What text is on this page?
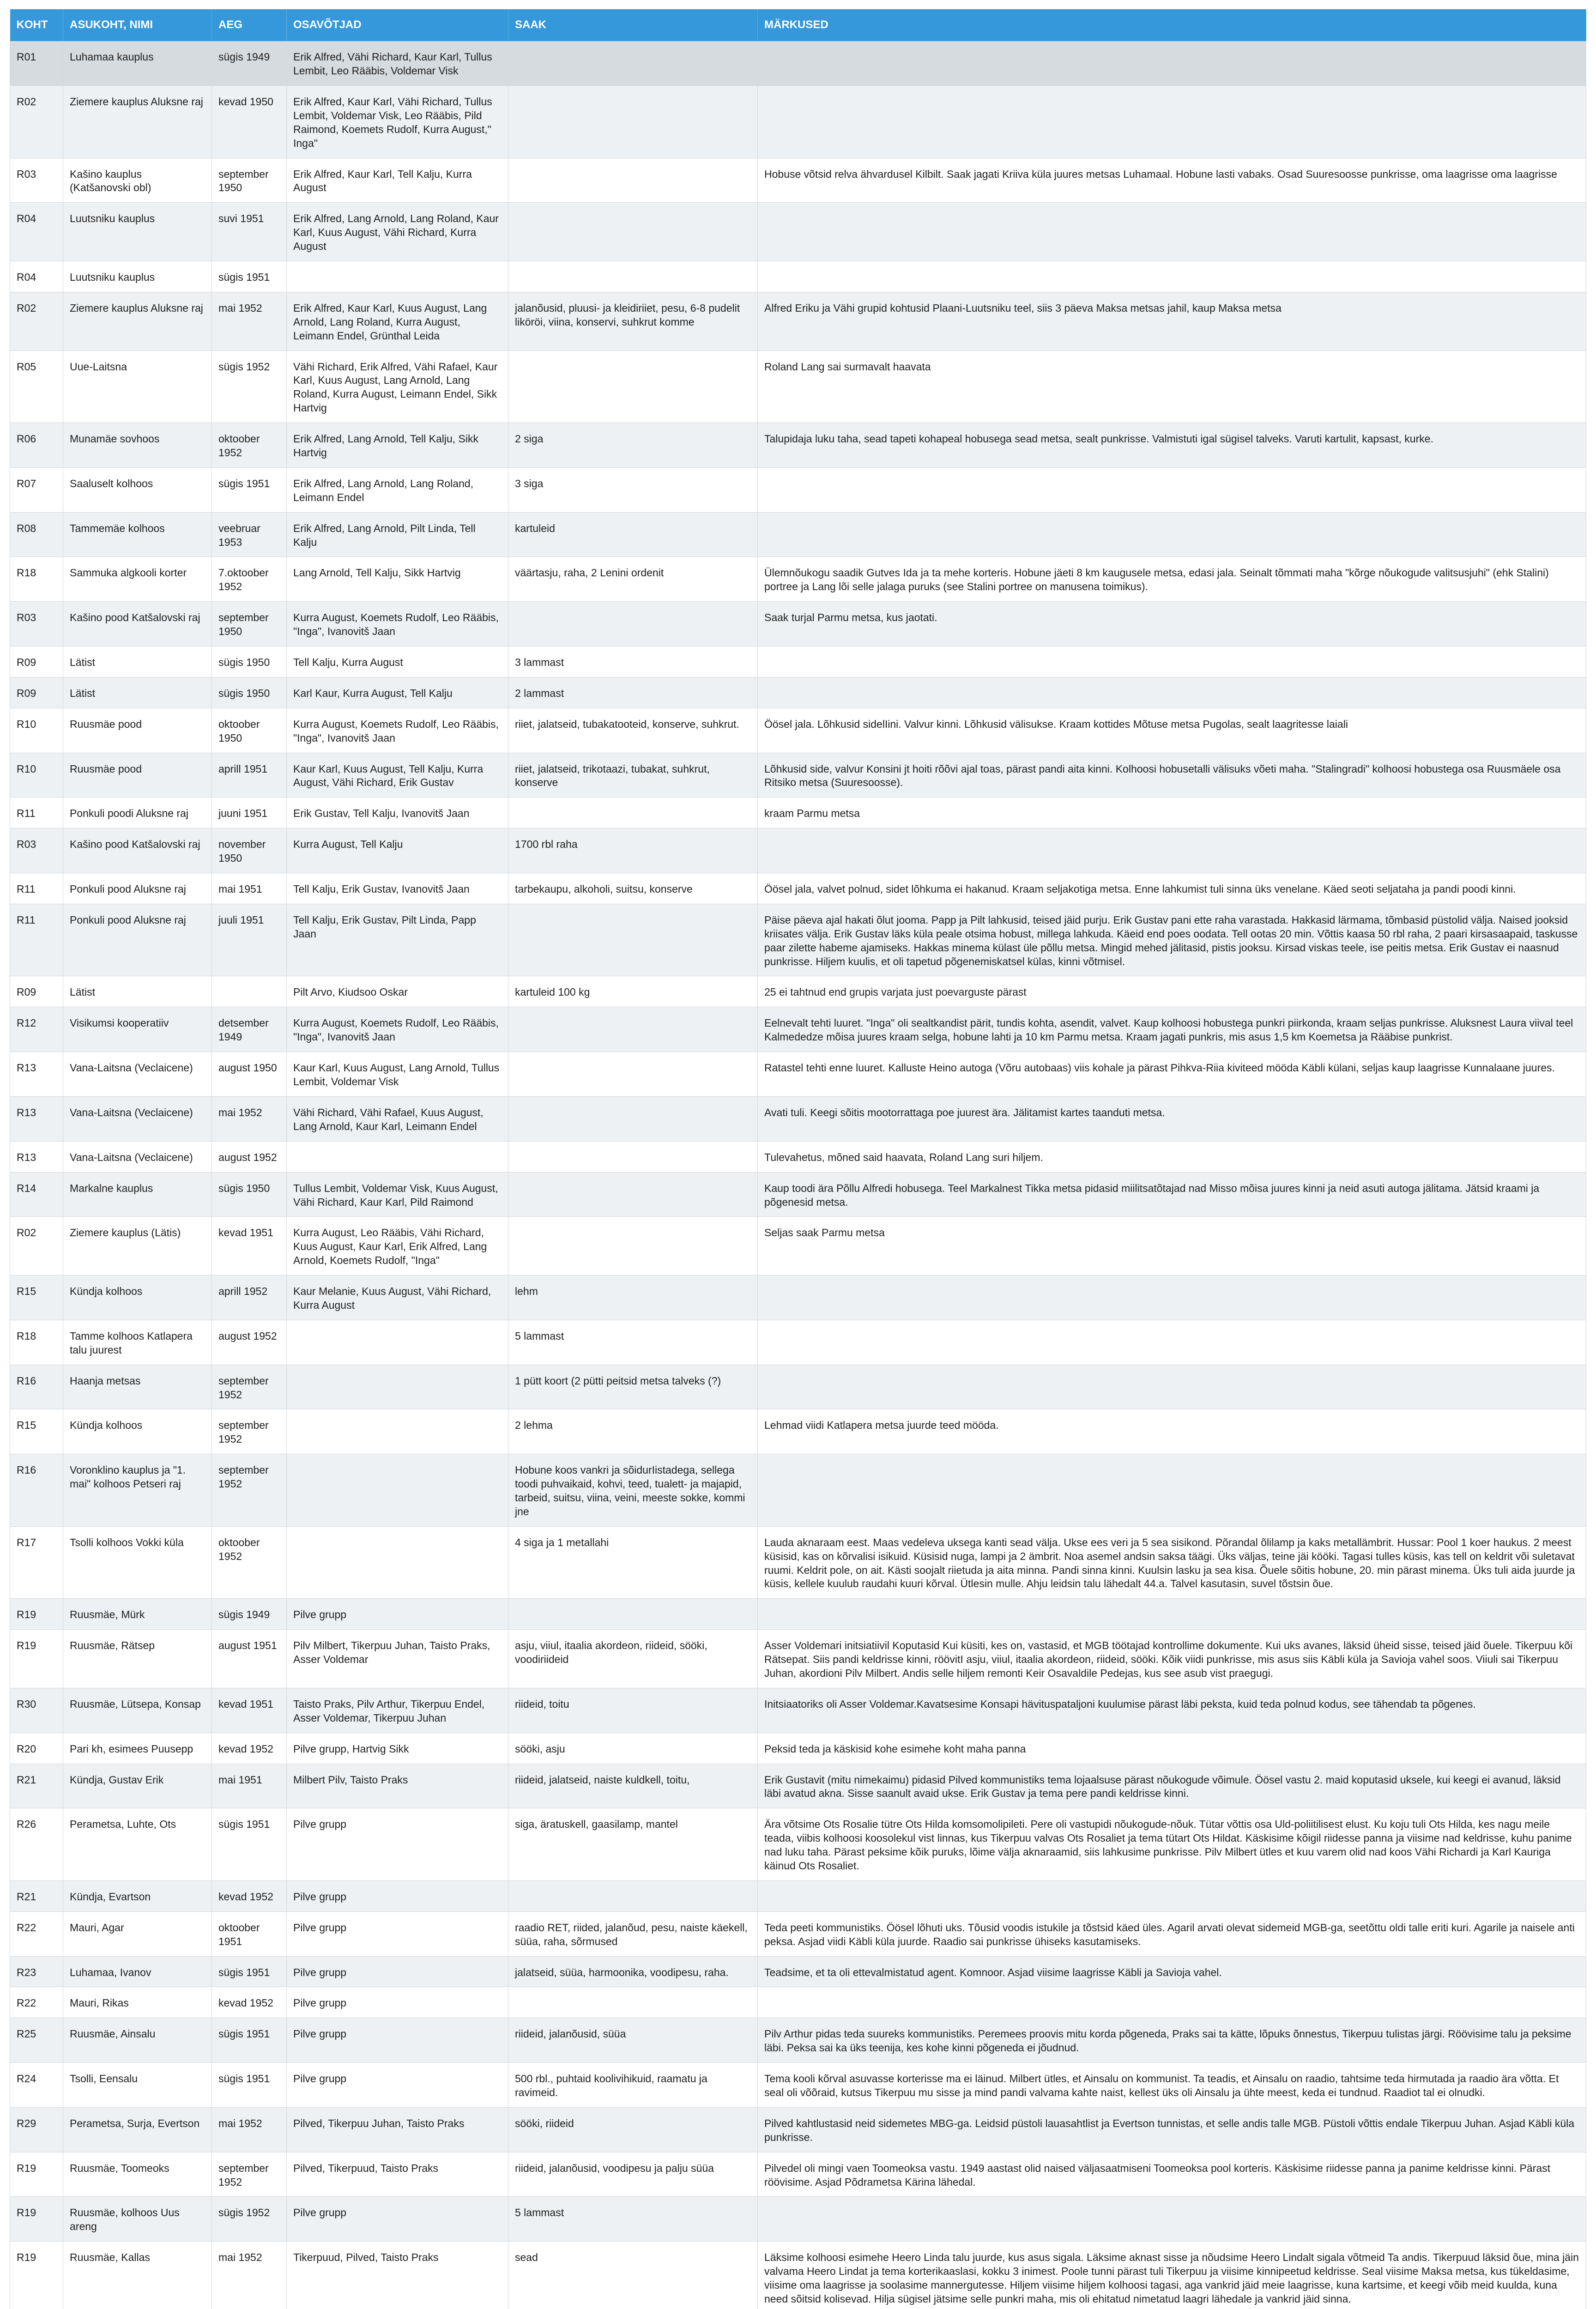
KOHT	ASUKOHT, NIMI	AEG	OSAVÕTJAD	SAAK	MÄRKUSED
R01	Luhamaa kauplus	sügis 1949	Erik Alfred, Vähi Richard, Kaur Karl, Tullus Lembit, Leo Rääbis, Voldemar Visk		
R02	Ziemere kauplus Aluksne raj	kevad 1950	Erik Alfred, Kaur Karl, Vähi Richard, Tullus Lembit, Voldemar Visk, Leo Rääbis, Pild Raimond, Koemets Rudolf, Kurra August," Inga"		
R03	Kašino kauplus (Katšanovski obl)	september 1950	Erik Alfred, Kaur Karl, Tell Kalju, Kurra August		Hobuse võtsid relva ähvardusel Kilbilt. Saak jagati Kriiva küla juures metsas Luhamaal. Hobune lasti vabaks. Osad Suuresoosse punkrisse, oma laagrisse oma laagrisse
R04	Luutsniku kauplus	suvi 1951	Erik Alfred, Lang Arnold, Lang Roland, Kaur Karl, Kuus August, Vähi Richard, Kurra August		
R04	Luutsniku kauplus	sügis 1951			
R02	Ziemere kauplus Aluksne raj	mai 1952	Erik Alfred, Kaur Karl, Kuus August, Lang Arnold, Lang Roland, Kurra August, Leimann Endel, Grünthal Leida	jalanõusid, pluusi- ja kleidiriiet, pesu, 6-8 pudelit liköröi, viina, konservi, suhkrut komme	Alfred Eriku ja Vähi grupid kohtusid Plaani-Luutsniku teel, siis 3 päeva Maksa metsas jahil, kaup Maksa metsa
R05	Uue-Laitsna	sügis 1952	Vähi Richard, Erik Alfred, Vähi Rafael, Kaur Karl, Kuus August, Lang Arnold, Lang Roland, Kurra August, Leimann Endel, Sikk Hartvig		Roland Lang sai surmavalt haavata
R06	Munamäe sovhoos	oktoober 1952	Erik Alfred, Lang Arnold, Tell Kalju, Sikk Hartvig	2 siga	Talupidaja luku taha, sead tapeti kohapeal hobusega sead metsa, sealt punkrisse. Valmistuti igal sügisel talveks. Varuti kartulit, kapsast, kurke.
R07	Saaluselt kolhoos	sügis 1951	Erik Alfred, Lang Arnold, Lang Roland, Leimann Endel	3 siga	
R08	Tammemäe kolhoos	veebruar 1953	Erik Alfred, Lang Arnold, Pilt Linda, Tell Kalju	kartuleid	
R18	Sammuka algkooli korter	7.oktoober 1952	Lang Arnold, Tell Kalju, Sikk Hartvig	väärtasju, raha, 2 Lenini ordenit	Ülemnõukogu saadik Gutves Ida ja ta mehe korteris. Hobune jäeti 8 km kaugusele metsa, edasi jala. Seinalt tõmmati maha "kõrge nõukogude valitsusjuhi" (ehk Stalini) portree ja Lang lõi selle jalaga puruks (see Stalini portree on manusena toimikus).
R03	Kašino pood Katšalovski raj	september 1950	Kurra August, Koemets Rudolf, Leo Rääbis, "Inga", Ivanovitš Jaan		Saak turjal Parmu metsa, kus jaotati.
R09	Lätist	sügis 1950	Tell Kalju, Kurra August	3 lammast	
R09	Lätist	sügis 1950	Karl Kaur, Kurra August, Tell Kalju	2 lammast	
R10	Ruusmäe pood	oktoober 1950	Kurra August, Koemets Rudolf, Leo Rääbis, "Inga", Ivanovitš Jaan	riiet, jalatseid, tubakatooteid, konserve, suhkrut.	Öösel jala. Lõhkusid sidelIini. Valvur kinni. Lõhkusid välisukse. Kraam kottides Mõtuse metsa Pugolas, sealt laagritesse laiali
R10	Ruusmäe pood	aprill 1951	Kaur Karl, Kuus August, Tell Kalju, Kurra August, Vähi Richard, Erik Gustav	riiet, jalatseid, trikotaazi, tubakat, suhkrut, konserve	Lõhkusid side, valvur Konsini jt hoiti rõõvi ajal toas, pärast pandi aita kinni. Kolhoosi hobusetalli välisuks võeti maha. "Stalingradi" kolhoosi hobustega osa Ruusmäele osa Ritsiko metsa (Suuresoosse).
R11	Ponkuli poodi Aluksne raj	juuni 1951	Erik Gustav, Tell Kalju, Ivanovitš Jaan		kraam Parmu metsa
R03	Kašino pood Katšalovski raj	november 1950	Kurra August, Tell Kalju	1700 rbl raha	
R11	Ponkuli pood Aluksne raj	mai 1951	Tell Kalju, Erik Gustav, Ivanovitš Jaan	tarbekaupu, alkoholi, suitsu, konserve	Öösel jala, valvet polnud, sidet lõhkuma ei hakanud. Kraam seljakotiga metsa. Enne lahkumist tuli sinna üks venelane. Käed seoti seljataha ja pandi poodi kinni.
R11	Ponkuli pood Aluksne raj	juuli 1951	Tell Kalju, Erik Gustav, Pilt Linda, Papp Jaan		Päise päeva ajal hakati õlut jooma. Papp ja Pilt lahkusid, teised jäid purju. Erik Gustav pani ette raha varastada. Hakkasid lärmama, tõmbasid püstolid välja. Naised jooksid kriisates välja. Erik Gustav läks küla peale otsima hobust, millega lahkuda. Käeid end poes oodata. Tell ootas 20 min. Võttis kaasa 50 rbl raha, 2 paari kirsasaapaid, taskusse paar zilette habeme ajamiseks. Hakkas minema külast üle põllu metsa. Mingid mehed jälitasid, pistis jooksu. Kirsad viskas teele, ise peitis metsa. Erik Gustav ei naasnud punkrisse. Hiljem kuulis, et oli tapetud põgenemiskatsel külas, kinni võtmisel.
R09	Lätist		Pilt Arvo, Kiudsoo Oskar	kartuleid 100 kg	25 ei tahtnud end grupis varjata just poevarguste pärast
R12	Visikumsi kooperatiiv	detsember 1949	Kurra August, Koemets Rudolf, Leo Rääbis, "Inga", Ivanovitš Jaan		Eelnevalt tehti luuret. "Inga" oli sealtkandist pärit, tundis kohta, asendit, valvet. Kaup kolhoosi hobustega punkri piirkonda, kraam seljas punkrisse. Aluksnest Laura viival teel Kalmededze mõisa juures kraam selga, hobune lahti ja 10 km Parmu metsa. Kraam jagati punkris, mis asus 1,5 km Koemetsa ja Rääbise punkrist.
R13	Vana-Laitsna (Veclaicene)	august 1950	Kaur Karl, Kuus August, Lang Arnold, Tullus Lembit, Voldemar Visk		Ratastel tehti enne luuret. Kalluste Heino autoga (Võru autobaas) viis kohale ja pärast Pihkva-Riia kiviteed mööda Käbli külani, seljas kaup laagrisse Kunnalaane juures.
R13	Vana-Laitsna (Veclaicene)	mai 1952	Vähi Richard, Vähi Rafael, Kuus August, Lang Arnold, Kaur Karl, Leimann Endel		Avati tuli. Keegi sõitis mootorrattaga poe juurest ära. Jälitamist kartes taanduti metsa.
R13	Vana-Laitsna (Veclaicene)	august 1952			Tulevahetus, mõned said haavata, Roland Lang suri hiljem.
R14	Markalne kauplus	sügis 1950	Tullus Lembit, Voldemar Visk, Kuus August, Vähi Richard, Kaur Karl, Pild Raimond		Kaup toodi ära Põllu Alfredi hobusega. Teel Markalnest Tikka metsa pidasid miilitsatõtajad nad Misso mõisa juures kinni ja neid asuti autoga jälitama. Jätsid kraami ja põgenesid metsa.
R02	Ziemere kauplus (Lätis)	kevad 1951	Kurra August, Leo Rääbis, Vähi Richard, Kuus August, Kaur Karl, Erik Alfred, Lang Arnold, Koemets Rudolf, "Inga"		Seljas saak Parmu metsa
R15	Kündja kolhoos	aprill 1952	Kaur Melanie, Kuus August, Vähi Richard, Kurra August	lehm	
R18	Tamme kolhoos Katlapera talu juurest	august 1952		5 lammast	
R16	Haanja metsas	september 1952		1 pütt koort (2 pütti peitsid metsa talveks (?)	
R15	Kündja kolhoos	september 1952		2 lehma	Lehmad viidi Katlapera metsa juurde teed mööda.
R16	Voronklino kauplus ja "1. mai" kolhoos Petseri raj	september 1952		Hobune koos vankri ja sõidurIistadega, sellega toodi puhvaikaid, kohvi, teed, tualett- ja majapid, tarbeid, suitsu, viina, veini, meeste sokke, kommi jne	
R17	Tsolli kolhoos Vokki küla	oktoober 1952		4 siga ja 1 metallahi	Lauda aknaraam eest. Maas vedeleva uksega kanti sead välja. Ukse ees veri ja 5 sea sisikond. Põrandal õlilamp ja kaks metallämbrit. Hussar: Pool 1 koer haukus. 2 meest küsisid, kas on kõrvalisi isikuid. Küsisid nuga, lampi ja 2 ämbrit. Noa asemel andsin saksa täägi. Üks väljas, teine jäi kööki. Tagasi tulles küsis, kas tell on keldrit või suletavat ruumi. Keldrit pole, on ait. Kästi soojalt riietuda ja aita minna. Pandi sinna kinni. Kuulsin lasku ja sea kisa. Õuele sõitis hobune, 20. min pärast minema. Üks tuli aida juurde ja küsis, kellele kuulub raudahi kuuri kõrval. Ütlesin mulle. Ahju leidsin talu lähedalt 44.a. Talvel kasutasin, suvel tõstsin õue.
R19	Ruusmäe, Mürk	sügis 1949	Pilve grupp		
R19	Ruusmäe, Rätsep	august 1951	Pilv Milbert, Tikerpuu Juhan, Taisto Praks, Asser Voldemar	asju, viiul, itaalia akordeon, riideid, sööki, voodiriideid	Asser Voldemari initsiatiivil Koputasid Kui küsiti, kes on, vastasid, et MGB töötajad kontrollime dokumente. Kui uks avanes, läksid üheid sisse, teised jäid õuele. Tikerpuu kõi Rätsepat. Siis pandi keldrisse kinni, röövitI asju, viiul, itaalia akordeon, riideid, sööki. Kõik viidi punkrisse, mis asus siis Käbli küla ja Savioja vahel soos. Viiuli sai Tikerpuu Juhan, akordioni Pilv Milbert. Andis selle hiljem remonti Keir Osavaldile Pedejas, kus see asub vist praegugi.
R30	Ruusmäe, Lütsepa, Konsap	kevad 1951	Taisto Praks, Pilv Arthur, Tikerpuu Endel, Asser Voldemar, Tikerpuu Juhan	riideid, toitu	Initsiaatoriks oli Asser Voldemar.Kavatsesime Konsapi hävituspataljoni kuulumise pärast läbi peksta, kuid teda polnud kodus, see tähendab ta põgenes.
R20	Pari kh, esimees Puusepp	kevad 1952	Pilve grupp, Hartvig Sikk	sööki, asju	Peksid teda ja käskisid kohe esimehe koht maha panna
R21	Kündja, Gustav Erik	mai 1951	Milbert Pilv, Taisto Praks	riideid, jalatseid, naiste kuldkell, toitu,	Erik Gustavit (mitu nimekaimu) pidasid Pilved kommunistiks tema lojaalsuse pärast nõukogude võimule. Öösel vastu 2. maid koputasid uksele, kui keegi ei avanud, läksid läbi avatud akna. Sisse saanult avaid ukse. Erik Gustav ja tema pere pandi keldrisse kinni.
R26	Perametsa, Luhte, Ots	sügis 1951	Pilve grupp	siga, äratuskell, gaasilamp, mantel	Ära võtsime Ots Rosalie tütre Ots Hilda komsomolipileti. Pere oli vastupidi nõukogude-nõuk. Tütar võttis osa Uld-poliitilisest elust. Ku koju tuli Ots Hilda, kes nagu meile teada, viibis kolhoosi koosolekul vist linnas, kus Tikerpuu valvas Ots Rosaliet ja tema tütart Ots Hildat. Käskisime kõigil riidesse panna ja viisime nad keldrisse, kuhu panime nad luku taha. Pärast peksime kõik puruks, lõime välja aknaraamid, siis lahkusime punkrisse. Pilv Milbert ütles et kuu varem olid nad koos Vähi Richardi ja Karl Kauriga käinud Ots Rosaliet.
R21	Kündja, Evartson	kevad 1952	Pilve grupp		
R22	Mauri, Agar	oktoober 1951	Pilve grupp	raadio RET, riided, jalanõud, pesu, naiste käekell, süüa, raha, sõrmused	Teda peeti kommunistiks. Öösel lõhuti uks. Tõusid voodis istukile ja tõstsid käed üles. Agaril arvati olevat sidemeid MGB-ga, seetõttu oldi talle eriti kuri. Agarile ja naisele anti peksa. Asjad viidi Käbli küla juurde. Raadio sai punkrisse ühiseks kasutamiseks.
R23	Luhamaa, Ivanov	sügis 1951	Pilve grupp	jalatseid, süüa, harmoonika, voodipesu, raha.	Teadsime, et ta oli ettevalmistatud agent. Komnoor. Asjad viisime laagrisse Käbli ja Savioja vahel.
R22	Mauri, Rikas	kevad 1952	Pilve grupp		
R25	Ruusmäe, Ainsalu	sügis 1951	Pilve grupp	riideid, jalanõusid, süüa	Pilv Arthur pidas teda suureks kommunistiks. Peremees proovis mitu korda põgeneda, Praks sai ta kätte, lõpuks õnnestus, Tikerpuu tulistas järgi. Röövisime talu ja peksime läbi. Peksa sai ka üks teenija, kes kohe kinni põgeneda ei jõudnud.
R24	Tsolli, Eensalu	sügis 1951	Pilve grupp	500 rbl., puhtaid koolivihikuid, raamatu ja ravimeid.	Tema kooli kõrval asuvasse korterisse ma ei läinud. Milbert ütles, et Ainsalu on kommunist. Ta teadis, et Ainsalu on raadio, tahtsime teda hirmutada ja raadio ära võtta. Et seal oli võõraid, kutsus Tikerpuu mu sisse ja mind pandi valvama kahte naist, kellest üks oli Ainsalu ja ühte meest, keda ei tundnud. Raadiot tal ei olnudki.
R29	Perametsa, Surja, Evertson	mai 1952	Pilved, Tikerpuu Juhan, Taisto Praks	sööki, riideid	Pilved kahtlustasid neid sidemetes MBG-ga. Leidsid püstoli lauasahtlist ja Evertson tunnistas, et selle andis talle MGB. Püstoli võttis endale Tikerpuu Juhan. Asjad Käbli küla punkrisse.
R19	Ruusmäe, Toomeoks	september 1952	Pilved, Tikerpuud, Taisto Praks	riideid, jalanõusid, voodipesu ja palju süüa	Pilvedel oli mingi vaen Toomeoksa vastu. 1949 aastast olid naised väljasaatmiseni Toomeoksa pool korteris. Käskisime riidesse panna ja panime keldrisse kinni. Pärast röövisime. Asjad Põdrametsa Kärina lähedal.
R19	Ruusmäe, kolhoos Uus areng	sügis 1952	Pilve grupp	5 lammast	
R19	Ruusmäe, Kallas	mai 1952	Tikerpuud, Pilved, Taisto Praks	sead	Läksime kolhoosi esimehe Heero Linda talu juurde, kus asus sigala. Läksime aknast sisse ja nõudsime Heero Lindalt sigala võtmeid Ta andis. Tikerpuud läksid õue, mina jäin valvama Heero Lindat ja tema korterikaaslasi, kokku 3 inimest. Poole tunni pärast tuli Tikerpuu ja viisime kinnipeetud keldrisse. Seal viisime Maksa metsa, kus tükeldasime, viisime oma laagrisse ja soolasime mannergutesse. Hiljem viisime hiljem kolhoosi tagasi, aga vankrid jäid meie laagrisse, kuna kartsime, et keegi võib meid kuulda, kuna need sõitsid kolisevad. Hilja sügisel jätsime selle punkri maha, mis oli ehitatud nimetatud laagri lähedale ja vankrid jäid sinna.
